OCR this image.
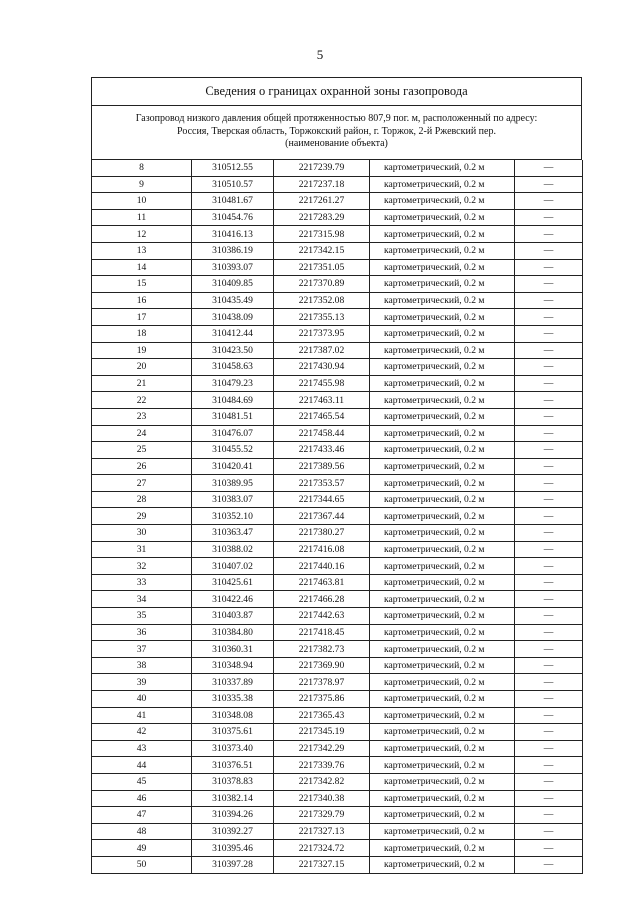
5
Сведения о границах охранной зоны газопровода
Газопровод низкого давления общей протяженностью 807,9 пог. м, расположенный по адресу:
Россия, Тверская область, Торжокский район, г. Торжок, 2-й Ржевский пер.
(наименование объекта)
8	310512.55	2217239.79	картометрический, 0.2 м	—
9	310510.57	2217237.18	картометрический, 0.2 м	—
10	310481.67	2217261.27	картометрический, 0.2 м	—
11	310454.76	2217283.29	картометрический, 0.2 м	—
12	310416.13	2217315.98	картометрический, 0.2 м	—
13	310386.19	2217342.15	картометрический, 0.2 м	—
14	310393.07	2217351.05	картометрический, 0.2 м	—
15	310409.85	2217370.89	картометрический, 0.2 м	—
16	310435.49	2217352.08	картометрический, 0.2 м	—
17	310438.09	2217355.13	картометрический, 0.2 м	—
18	310412.44	2217373.95	картометрический, 0.2 м	—
19	310423.50	2217387.02	картометрический, 0.2 м	—
20	310458.63	2217430.94	картометрический, 0.2 м	—
21	310479.23	2217455.98	картометрический, 0.2 м	—
22	310484.69	2217463.11	картометрический, 0.2 м	—
23	310481.51	2217465.54	картометрический, 0.2 м	—
24	310476.07	2217458.44	картометрический, 0.2 м	—
25	310455.52	2217433.46	картометрический, 0.2 м	—
26	310420.41	2217389.56	картометрический, 0.2 м	—
27	310389.95	2217353.57	картометрический, 0.2 м	—
28	310383.07	2217344.65	картометрический, 0.2 м	—
29	310352.10	2217367.44	картометрический, 0.2 м	—
30	310363.47	2217380.27	картометрический, 0.2 м	—
31	310388.02	2217416.08	картометрический, 0.2 м	—
32	310407.02	2217440.16	картометрический, 0.2 м	—
33	310425.61	2217463.81	картометрический, 0.2 м	—
34	310422.46	2217466.28	картометрический, 0.2 м	—
35	310403.87	2217442.63	картометрический, 0.2 м	—
36	310384.80	2217418.45	картометрический, 0.2 м	—
37	310360.31	2217382.73	картометрический, 0.2 м	—
38	310348.94	2217369.90	картометрический, 0.2 м	—
39	310337.89	2217378.97	картометрический, 0.2 м	—
40	310335.38	2217375.86	картометрический, 0.2 м	—
41	310348.08	2217365.43	картометрический, 0.2 м	—
42	310375.61	2217345.19	картометрический, 0.2 м	—
43	310373.40	2217342.29	картометрический, 0.2 м	—
44	310376.51	2217339.76	картометрический, 0.2 м	—
45	310378.83	2217342.82	картометрический, 0.2 м	—
46	310382.14	2217340.38	картометрический, 0.2 м	—
47	310394.26	2217329.79	картометрический, 0.2 м	—
48	310392.27	2217327.13	картометрический, 0.2 м	—
49	310395.46	2217324.72	картометрический, 0.2 м	—
50	310397.28	2217327.15	картометрический, 0.2 м	—
